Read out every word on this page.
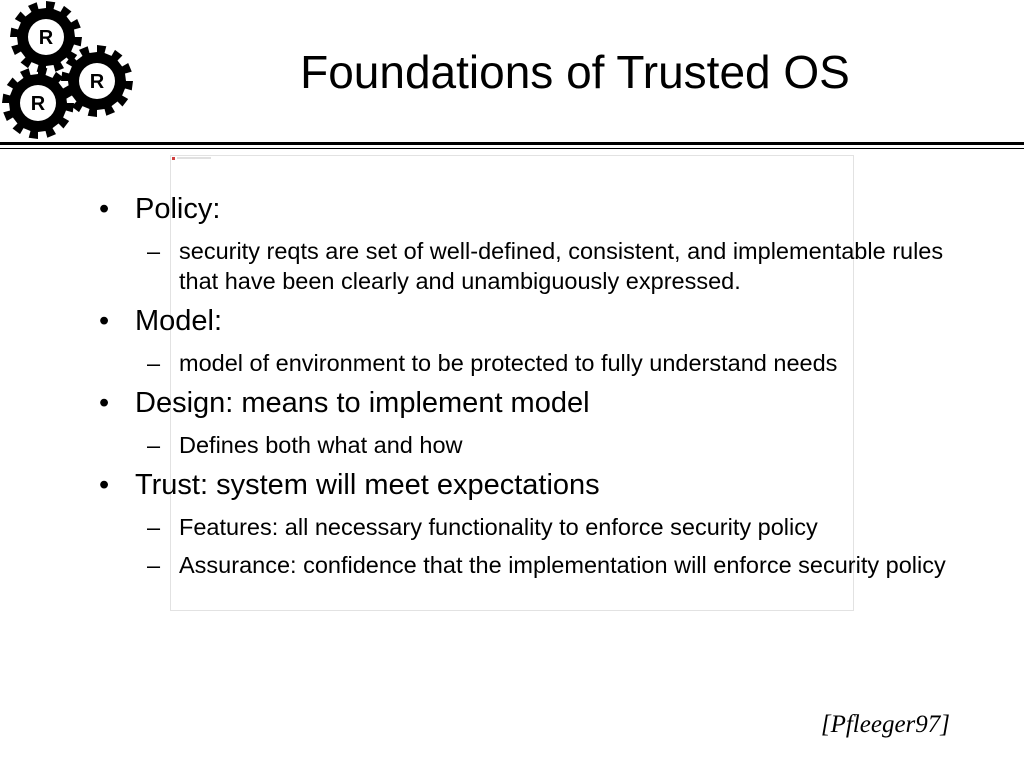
R
R
R
Foundations of Trusted OS
• Policy:
– security reqts are set of well-defined, consistent, and implementable rules that have been clearly and unambiguously expressed.
• Model:
– model of environment to be protected to fully understand needs
• Design: means to implement model
– Defines both what and how
• Trust: system will meet expectations
– Features: all necessary functionality to enforce security policy
– Assurance: confidence that the implementation will enforce security policy
[Pfleeger97]
